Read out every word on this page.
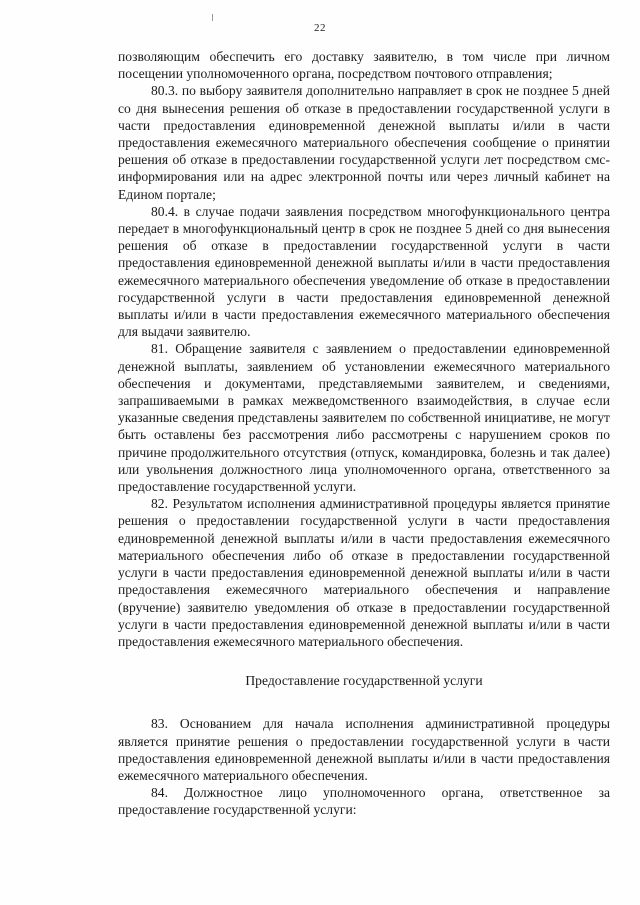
22

позволяющим обеспечить его доставку заявителю, в том числе при личном посещении уполномоченного органа, посредством почтового отправления;

80.3. по выбору заявителя дополнительно направляет в срок не позднее 5 дней со дня вынесения решения об отказе в предоставлении государственной услуги в части предоставления единовременной денежной выплаты и/или в части предоставления ежемесячного материального обеспечения сообщение о принятии решения об отказе в предоставлении государственной услуги лет посредством смс-информирования или на адрес электронной почты или через личный кабинет на Едином портале;

80.4. в случае подачи заявления посредством многофункционального центра передает в многофункциональный центр в срок не позднее 5 дней со дня вынесения решения об отказе в предоставлении государственной услуги в части предоставления единовременной денежной выплаты и/или в части предоставления ежемесячного материального обеспечения уведомление об отказе в предоставлении государственной услуги в части предоставления единовременной денежной выплаты и/или в части предоставления ежемесячного материального обеспечения для выдачи заявителю.

81. Обращение заявителя с заявлением о предоставлении единовременной денежной выплаты, заявлением об установлении ежемесячного материального обеспечения и документами, представляемыми заявителем, и сведениями, запрашиваемыми в рамках межведомственного взаимодействия, в случае если указанные сведения представлены заявителем по собственной инициативе, не могут быть оставлены без рассмотрения либо рассмотрены с нарушением сроков по причине продолжительного отсутствия (отпуск, командировка, болезнь и так далее) или увольнения должностного лица уполномоченного органа, ответственного за предоставление государственной услуги.

82. Результатом исполнения административной процедуры является принятие решения о предоставлении государственной услуги в части предоставления единовременной денежной выплаты и/или в части предоставления ежемесячного материального обеспечения либо об отказе в предоставлении государственной услуги в части предоставления единовременной денежной выплаты и/или в части предоставления ежемесячного материального обеспечения и направление (вручение) заявителю уведомления об отказе в предоставлении государственной услуги в части предоставления единовременной денежной выплаты и/или в части предоставления ежемесячного материального обеспечения.

Предоставление государственной услуги

83. Основанием для начала исполнения административной процедуры является принятие решения о предоставлении государственной услуги в части предоставления единовременной денежной выплаты и/или в части предоставления ежемесячного материального обеспечения.

84. Должностное лицо уполномоченного органа, ответственное за предоставление государственной услуги:
